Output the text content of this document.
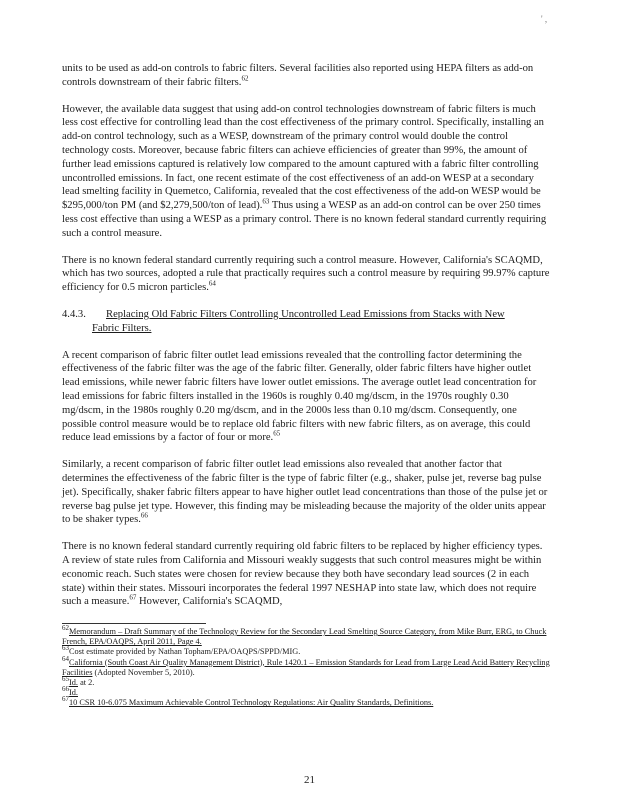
' ,

units to be used as add-on controls to fabric filters. Several facilities also reported using HEPA filters as add-on controls downstream of their fabric filters.$^{62}$

However, the available data suggest that using add-on control technologies downstream of fabric filters is much less cost effective for controlling lead than the cost effectiveness of the primary control. Specifically, installing an add-on control technology, such as a WESP, downstream of the primary control would double the control technology costs. Moreover, because fabric filters can achieve efficiencies of greater than 99%, the amount of further lead emissions captured is relatively low compared to the amount captured with a fabric filter controlling uncontrolled emissions. In fact, one recent estimate of the cost effectiveness of an add-on WESP at a secondary lead smelting facility in Quemetco, California, revealed that the cost effectiveness of the add-on WESP would be $295,000/ton PM (and $2,279,500/ton of lead).$^{63}$ Thus using a WESP as an add-on control can be over 250 times less cost effective than using a WESP as a primary control. There is no known federal standard currently requiring such a control measure.

There is no known federal standard currently requiring such a control measure. However, California's SCAQMD, which has two sources, adopted a rule that practically requires such a control measure by requiring 99.97% capture efficiency for 0.5 micron particles.$^{64}$

4.4.3. Replacing Old Fabric Filters Controlling Uncontrolled Lead Emissions from Stacks with New
Fabric Filters.

A recent comparison of fabric filter outlet lead emissions revealed that the controlling factor determining the effectiveness of the fabric filter was the age of the fabric filter. Generally, older fabric filters have higher outlet lead emissions, while newer fabric filters have lower outlet emissions. The average outlet lead concentration for lead emissions for fabric filters installed in the 1960s is roughly 0.40 mg/dscm, in the 1970s roughly 0.30 mg/dscm, in the 1980s roughly 0.20 mg/dscm, and in the 2000s less than 0.10 mg/dscm. Consequently, one possible control measure would be to replace old fabric filters with new fabric filters, as on average, this could reduce lead emissions by a factor of four or more.$^{65}$

Similarly, a recent comparison of fabric filter outlet lead emissions also revealed that another factor that determines the effectiveness of the fabric filter is the type of fabric filter (e.g., shaker, pulse jet, reverse bag pulse jet). Specifically, shaker fabric filters appear to have higher outlet lead concentrations than those of the pulse jet or reverse bag pulse jet type. However, this finding may be misleading because the majority of the older units appear to be shaker types.$^{66}$

There is no known federal standard currently requiring old fabric filters to be replaced by higher efficiency types. A review of state rules from California and Missouri weakly suggests that such control measures might be within economic reach. Such states were chosen for review because they both have secondary lead sources (2 in each state) within their states. Missouri incorporates the federal 1997 NESHAP into state law, which does not require such a measure.$^{67}$ However, California's SCAQMD,

$^{62}$Memorandum – Draft Summary of the Technology Review for the Secondary Lead Smelting Source Category, from Mike Burr, ERG, to Chuck French, EPA/OAQPS, April 2011, Page 4.

$^{63}$Cost estimate provided by Nathan Topham/EPA/OAQPS/SPPD/MIG.

$^{64}$California (South Coast Air Quality Management District), Rule 1420.1 – Emission Standards for Lead from Large Lead Acid Battery Recycling Facilities (Adopted November 5, 2010).

$^{65}$Id. at 2.

$^{66}$Id.

$^{67}$10 CSR 10-6.075 Maximum Achievable Control Technology Regulations: Air Quality Standards, Definitions.

21
